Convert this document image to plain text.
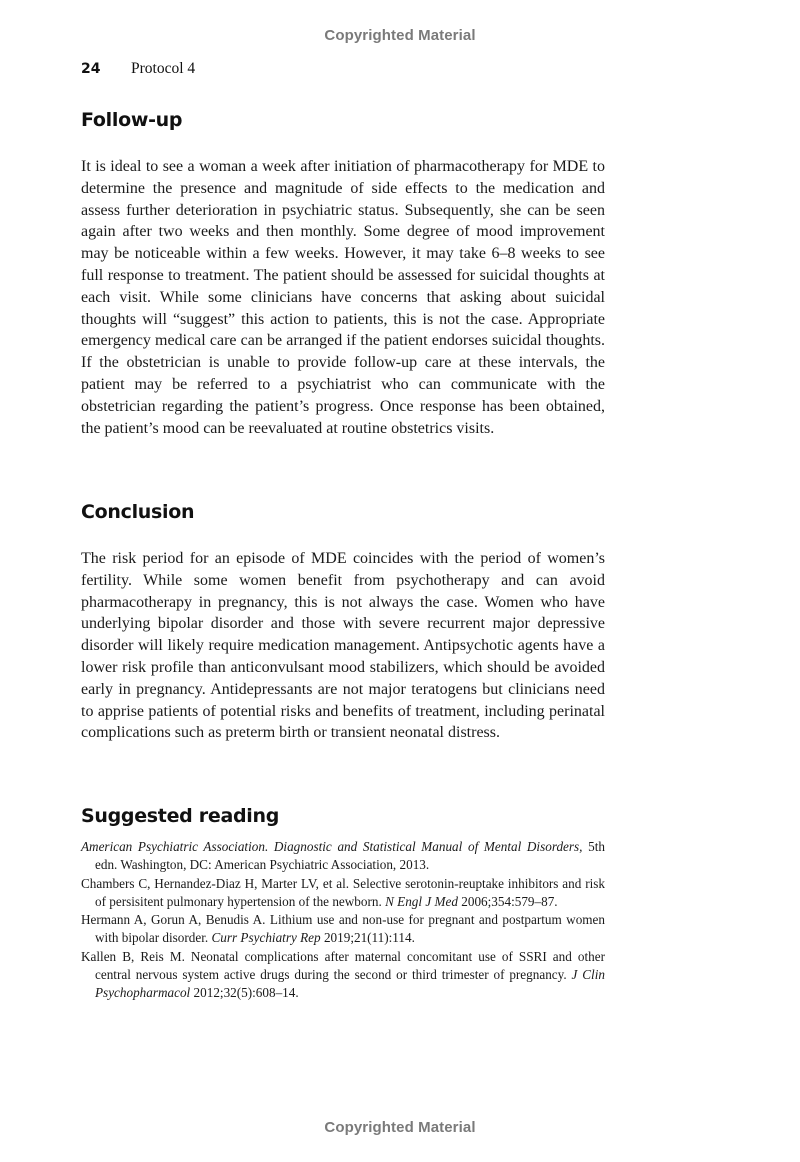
Copyrighted Material
24	Protocol 4
Follow-up

It is ideal to see a woman a week after initiation of pharmacotherapy for MDE to determine the presence and magnitude of side effects to the medication and assess further deterioration in psychiatric status. Subsequently, she can be seen again after two weeks and then monthly. Some degree of mood improvement may be noticeable within a few weeks. However, it may take 6–8 weeks to see full response to treatment. The patient should be assessed for suicidal thoughts at each visit. While some clinicians have concerns that asking about suicidal thoughts will “suggest” this action to patients, this is not the case. Appropriate emergency medical care can be arranged if the patient endorses suicidal thoughts. If the obstetrician is unable to provide follow-up care at these intervals, the patient may be referred to a psychiatrist who can communicate with the obstetrician regarding the patient’s progress. Once response has been obtained, the patient’s mood can be reevaluated at routine obstetrics visits.

Conclusion

The risk period for an episode of MDE coincides with the period of women’s fertility. While some women benefit from psychotherapy and can avoid pharmacotherapy in pregnancy, this is not always the case. Women who have underlying bipolar disorder and those with severe recurrent major depressive disorder will likely require medication management. Antipsychotic agents have a lower risk profile than anticonvulsant mood stabilizers, which should be avoided early in pregnancy. Antidepressants are not major teratogens but clinicians need to apprise patients of potential risks and benefits of treatment, including perinatal complications such as preterm birth or transient neonatal distress.

Suggested reading
American Psychiatric Association. Diagnostic and Statistical Manual of Mental Disorders, 5th edn. Washington, DC: American Psychiatric Association, 2013.
Chambers C, Hernandez-Diaz H, Marter LV, et al. Selective serotonin-reuptake inhibitors and risk of persisitent pulmonary hypertension of the newborn. N Engl J Med 2006;354:579–87.
Hermann A, Gorun A, Benudis A. Lithium use and non-use for pregnant and postpartum women with bipolar disorder. Curr Psychiatry Rep 2019;21(11):114.
Kallen B, Reis M. Neonatal complications after maternal concomitant use of SSRI and other central nervous system active drugs during the second or third trimester of pregnancy. J Clin Psychopharmacol 2012;32(5):608–14.
Copyrighted Material
